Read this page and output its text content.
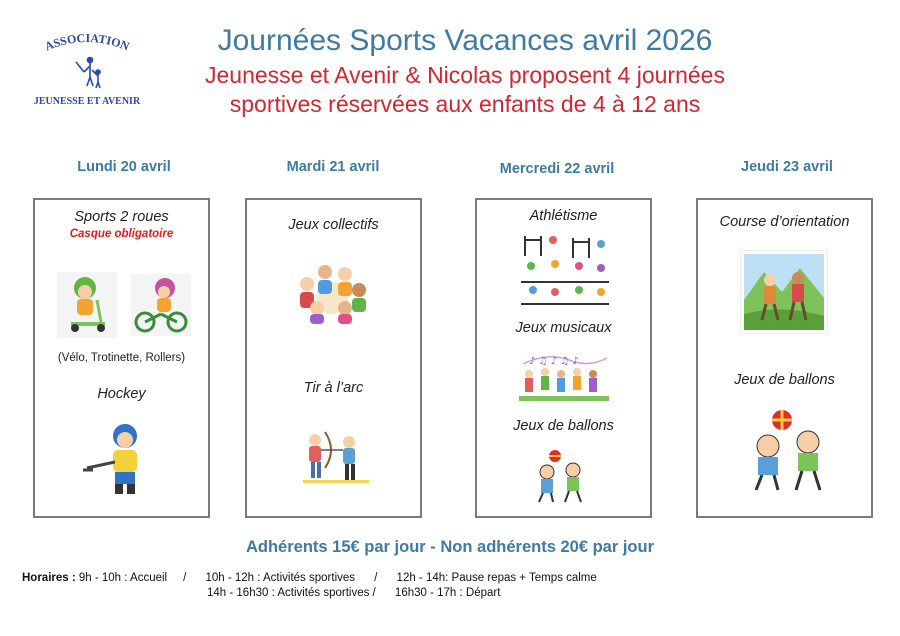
ASSOCIATION
JEUNESSE ET AVENIR
Journées Sports Vacances avril 2026
Jeunesse et Avenir & Nicolas proposent 4 journées
sportives réservées aux enfants de 4 à 12 ans
Lundi 20 avril	Mardi 21 avril	Mercredi 22 avril	Jeudi 23 avril
Sports 2 roues
Casque obligatoire
(Vélo, Trotinette, Rollers)
Hockey
Jeux collectifs
Tir à l’arc
Athlétisme
Jeux musicaux
♪ ♫ ♪ ♫ ♪
Jeux de ballons
Course d’orientation
Jeux de ballons
Adhérents 15€ par jour - Non adhérents 20€ par jour
Horaires : 9h - 10h : Accueil     /      10h - 12h : Activités sportives      /      12h - 14h: Pause repas + Temps calme
14h - 16h30 : Activités sportives /      16h30 - 17h : Départ
